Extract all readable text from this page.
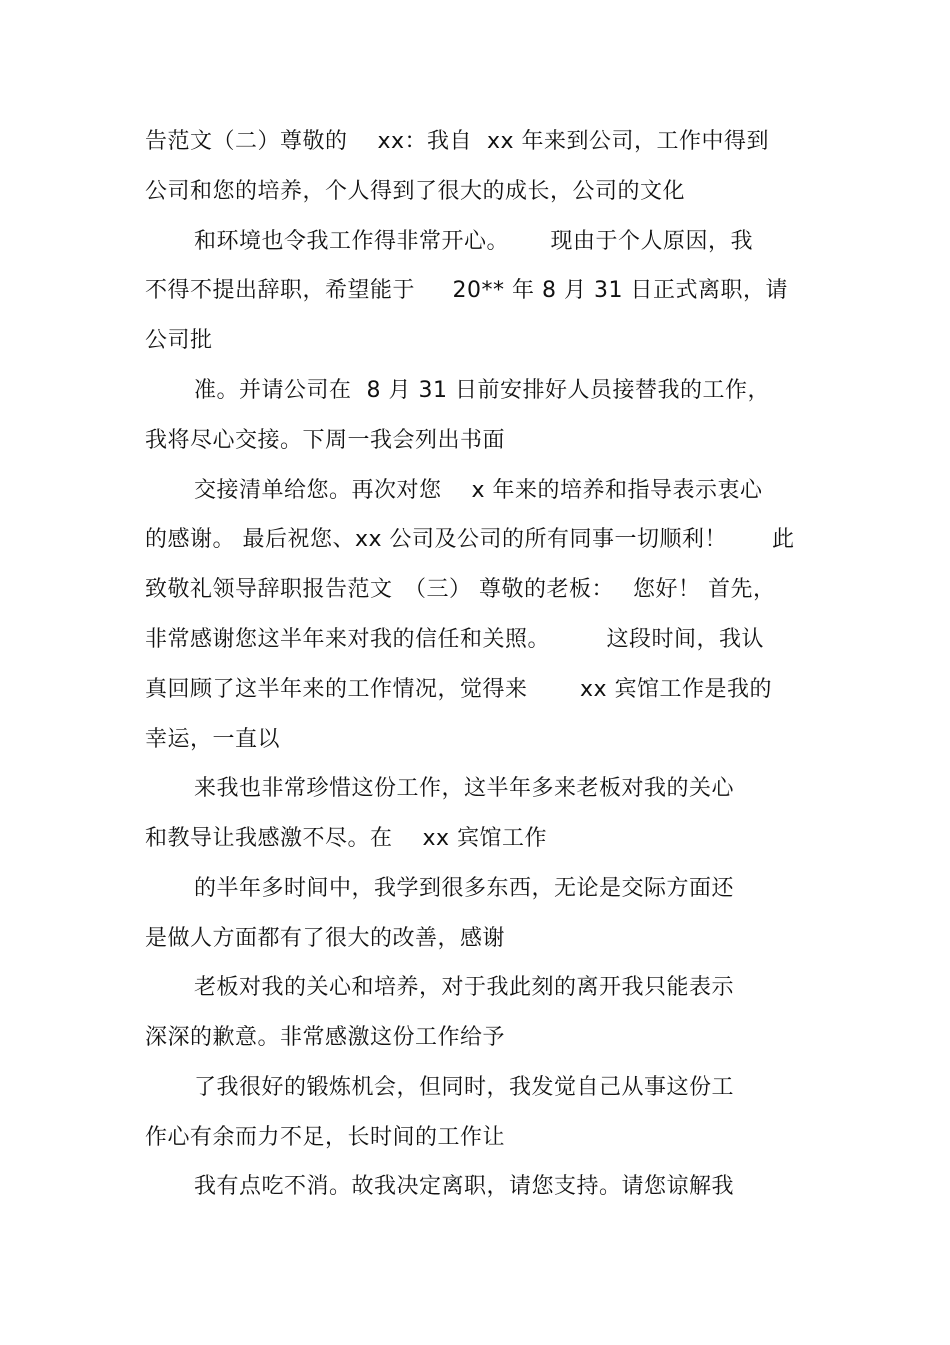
告范文（二）尊敬的　 xx：我自  xx 年来到公司，工作中得到
公司和您的培养，个人得到了很大的成长，公司的文化
和环境也令我工作得非常开心。　　 现由于个人原因，我
不得不提出辞职，希望能于　  20** 年 8 月 31 日正式离职，请
公司批
准。并请公司在  8 月 31 日前安排好人员接替我的工作，
我将尽心交接。下周一我会列出书面
交接清单给您。再次对您　 x 年来的培养和指导表示衷心
的感谢。 最后祝您、xx 公司及公司的所有同事一切顺利！　　此
致敬礼领导辞职报告范文　（三） 尊敬的老板：　 您好！ 首先，
非常感谢您这半年来对我的信任和关照。　　　这段时间，我认
真回顾了这半年来的工作情况，觉得来　　 xx 宾馆工作是我的
幸运，一直以
来我也非常珍惜这份工作，这半年多来老板对我的关心
和教导让我感激不尽。在　 xx 宾馆工作
的半年多时间中，我学到很多东西，无论是交际方面还
是做人方面都有了很大的改善，感谢
老板对我的关心和培养，对于我此刻的离开我只能表示
深深的歉意。非常感激这份工作给予
了我很好的锻炼机会，但同时，我发觉自己从事这份工
作心有余而力不足，长时间的工作让
我有点吃不消。故我决定离职，请您支持。请您谅解我
